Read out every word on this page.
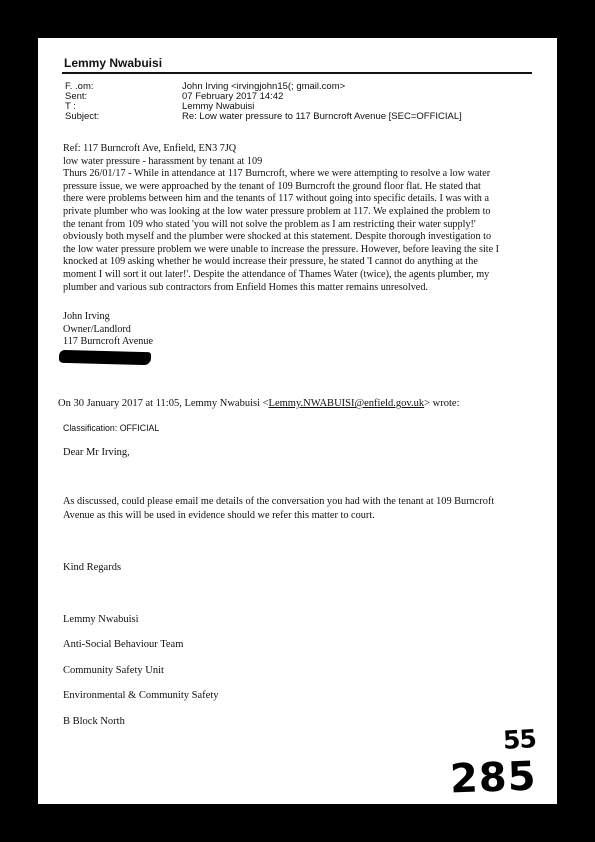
Lemmy Nwabuisi
F. .om:	John Irving <irvingjohn15(; gmail.com>
Sent:	07 February 2017 14:42
T :	Lemmy Nwabuisi
Subject:	Re: Low water pressure to 117 Burncroft Avenue [SEC=OFFICIAL]
Ref: 117 Burncroft Ave, Enfield, EN3 7JQ
low water pressure - harassment by tenant at 109
Thurs 26/01/17 - While in attendance at 117 Burncroft, where we were attempting to resolve a low water
pressure issue, we were approached by the tenant of 109 Burncroft the ground floor flat. He stated that
there were problems between him and the tenants of 117 without going into specific details. I was with a
private plumber who was looking at the low water pressure problem at 117. We explained the problem to
the tenant from 109 who stated 'you will not solve the problem as I am restricting their water supply!'
obviously both myself and the plumber were shocked at this statement. Despite thorough investigation to
the low water pressure problem we were unable to increase the pressure. However, before leaving the site I
knocked at 109 asking whether he would increase their pressure, he stated 'I cannot do anything at the
moment I will sort it out later!'. Despite the attendance of Thames Water (twice), the agents plumber, my
plumber and various sub contractors from Enfield Homes this matter remains unresolved.
John Irving
Owner/Landlord
117 Burncroft Avenue
On 30 January 2017 at 11:05, Lemmy Nwabuisi <Lemmy.NWABUISI@enfield.gov.uk> wrote:
Classification: OFFICIAL
Dear Mr Irving,
As discussed, could please email me details of the conversation you had with the tenant at 109 Burncroft
Avenue as this will be used in evidence should we refer this matter to court.
Kind Regards
Lemmy Nwabuisi
Anti-Social Behaviour Team
Community Safety Unit
Environmental & Community Safety
B Block North
55
285
